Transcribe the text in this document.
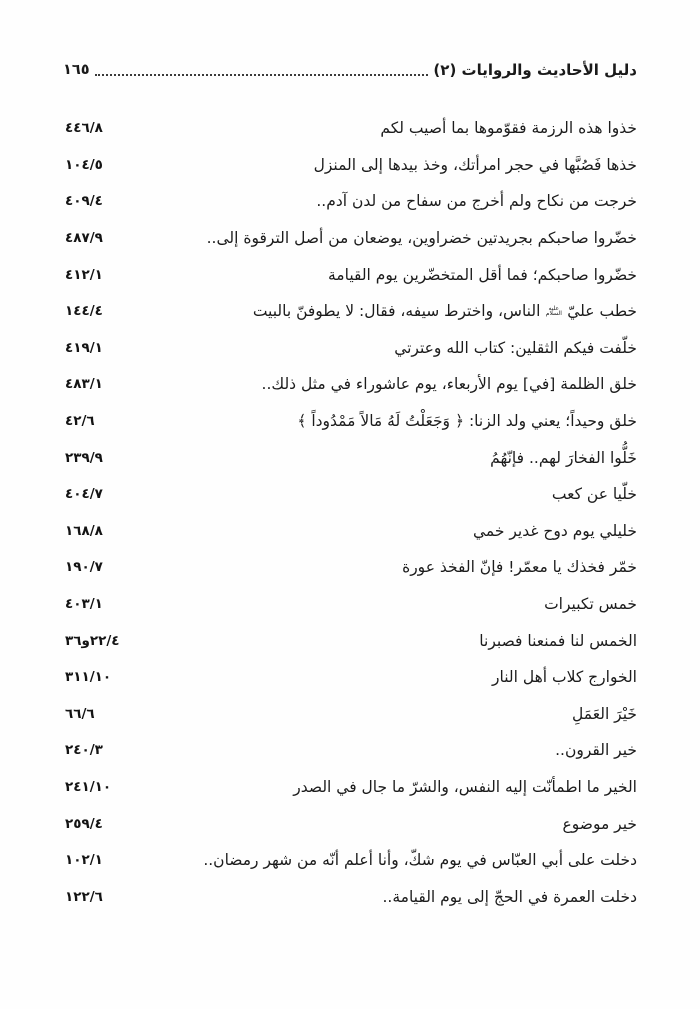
دليل الأحاديث والروايات (٢)
١٦٥
خذوا هذه الرزمة فقوّموها بما أصيب لكم
٤٤٦/٨
خذها فَصُبَّها في حجر امرأتك، وخذ بيدها إلى المنزل
١٠٤/٥
خرجت من نكاح ولم أخرج من سفاح من لدن آدم..
٤٠٩/٤
خضّروا صاحبكم بجريدتين خضراوين، يوضعان من أصل الترقوة إلى..
٤٨٧/٩
خضّروا صاحبكم؛ فما أقل المتخضّرين يوم القيامة
٤١٢/١
خطب عليّ عليه السلام الناس، واخترط سيفه، فقال: لا يطوفنّ بالبيت
١٤٤/٤
خلّفت فيكم الثقلين: كتاب الله وعترتي
٤١٩/١
خلق الظلمة [في] يوم الأربعاء، يوم عاشوراء في مثل ذلك..
٤٨٣/١
خلق وحيداً؛ يعني ولد الزنا: ﴿ وَجَعَلْتُ لَهُ مَالاً مَمْدُوداً ﴾
٤٢/٦
خَلُّوا الفخارَ لهم.. فإنّهُمُ
٢٣٩/٩
خلّيا عن كعب
٤٠٤/٧
خليلي يوم دوح غدير خمي
١٦٨/٨
خمّر فخذك يا معمّر! فإنّ الفخذ عورة
١٩٠/٧
خمس تكبيرات
٤٠٣/١
الخمس لنا فمنعنا فصبرنا
٢٢/٤و٣٦
الخوارج كلاب أهل النار
٣١١/١٠
خَيْرَ العَمَلِ
٦٦/٦
خير القرون..
٢٤٠/٣
الخير ما اطمأنّت إليه النفس، والشرّ ما جال في الصدر
٢٤١/١٠
خير موضوع
٢٥٩/٤
دخلت على أبي العبّاس في يوم شكّ، وأنا أعلم أنّه من شهر رمضان..
١٠٢/١
دخلت العمرة في الحجّ إلى يوم القيامة..
١٢٢/٦
